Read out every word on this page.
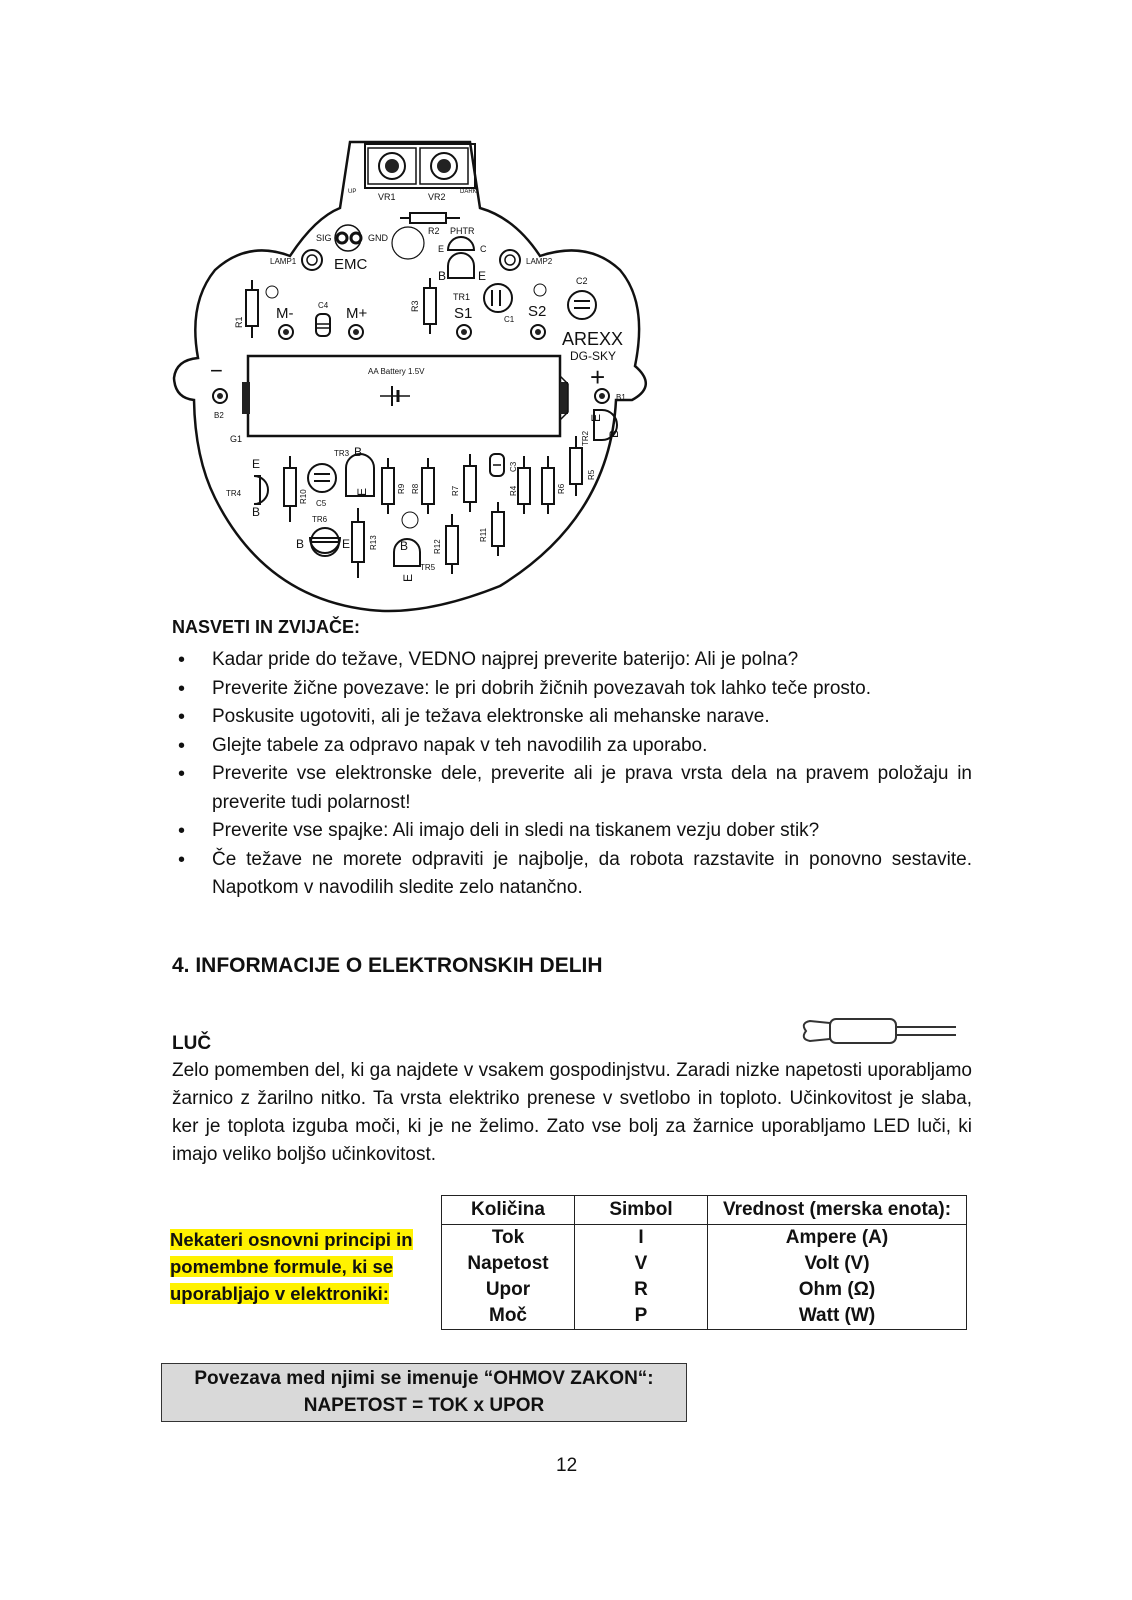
VR1	VR2
UP	DARK
R2 PHTR
SIG	GND
EMC
E	C
LAMP1	LAMP2
B	E
TR1
C1
C2
R1
M-	C4 M+	R3 S1	S2
AREXX
DG-SKY
AA Battery 1.5V
−	+
B2
B1
G1
E
B
TR2
E
B
TR4	R10 C5
TR3 B
E	R9 R8	R7
C3
R4	R6
R5
TR6
B	E R13	R12
R11
B
E
TR5
NASVETI IN ZVIJAČE:
• Kadar pride do težave, VEDNO najprej preverite baterijo: Ali je polna?
• Preverite žične povezave: le pri dobrih žičnih povezavah tok lahko teče prosto.
• Poskusite ugotoviti, ali je težava elektronske ali mehanske narave.
• Glejte tabele za odpravo napak v teh navodilih za uporabo.
• Preverite vse elektronske dele, preverite ali je prava vrsta dela na pravem položaju in preverite tudi polarnost!
• Preverite vse spajke: Ali imajo deli in sledi na tiskanem vezju dober stik?
• Če težave ne morete odpraviti je najbolje, da robota razstavite in ponovno sestavite. Napotkom v navodilih sledite zelo natančno.
4. INFORMACIJE O ELEKTRONSKIH DELIH
LUČ
Zelo pomemben del, ki ga najdete v vsakem gospodinjstvu. Zaradi nizke napetosti uporabljamo žarnico z žarilno nitko. Ta vrsta elektriko prenese v svetlobo in toploto. Učinkovitost je slaba, ker je toplota izguba moči, ki je ne želimo. Zato vse bolj za žarnice uporabljamo LED luči, ki imajo veliko boljšo učinkovitost.
Nekateri osnovni principi in pomembne formule, ki se uporabljajo v elektroniki:
Količina	Simbol	Vrednost (merska enota):
Tok	I	Ampere (A)
Napetost	V	Volt (V)
Upor	R	Ohm (Ω)
Moč	P	Watt (W)
Povezava med njimi se imenuje “OHMOV ZAKON“:
NAPETOST = TOK x UPOR
12
